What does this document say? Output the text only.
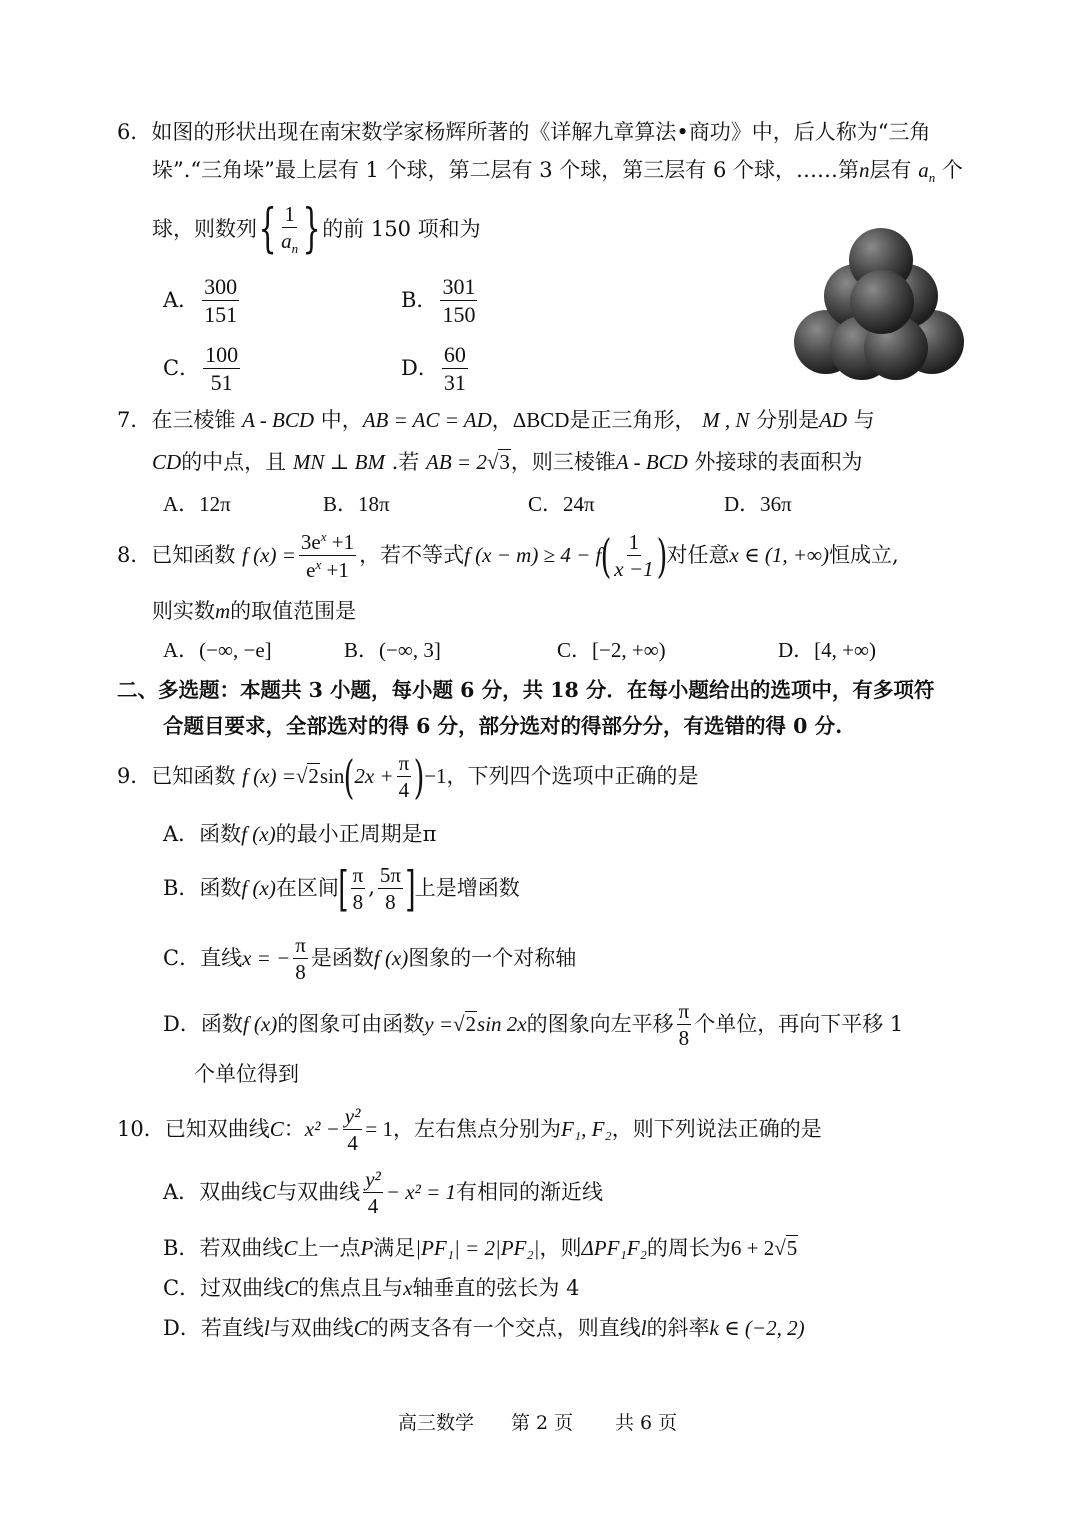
6．如图的形状出现在南宋数学家杨辉所著的《详解九章算法•商功》中，后人称为“三角
垛”.“三角垛”最上层有 1 个球，第二层有 3 个球，第三层有 6 个球，……第n层有 $a_n$ 个
球，则数列{ $\frac{1}{a_n}$ }的前 150 项和为
A． $\frac{300}{151}$	B． $\frac{301}{150}$
C． $\frac{100}{51}$	D． $\frac{60}{31}$
7．在三棱锥 A - BCD 中，AB = AC = AD，ΔBCD是正三角形， M , N 分别是AD 与
CD的中点，且 MN ⊥ BM .若 AB = 2√3，则三棱锥A - BCD 外接球的表面积为
A．12π	B．18π	C．24π	D．36π
8．已知函数 f $(x) = \frac{3e^x +1}{e^x +1}$ ，若不等式f $(x - m) \ge 4 - f( \frac{1}{x -1}$ )对任意x ∈ (1, +∞)恒成立,
则实数m的取值范围是
A．(−∞, −e]	B．(−∞, 3]	C．[−2, +∞)	D．[4, +∞)
二、多选题：本题共 3 小题，每小题 6 分，共 18 分．在每小题给出的选项中，有多项符
合题目要求，全部选对的得 6 分，部分选对的得部分分，有选错的得 0 分.
9．已知函数 f $(x) =√2\sin(2x + \frac{\pi}{4} )-1$，下列四个选项中正确的是
A．函数f (x)的最小正周期是π
B．函数f (x)在区间[ $\frac{\pi}{8}$ , $\frac{5\pi}{8}$ ]上是增函数
C．直线x = − $\frac{\pi}{8}$ 是函数f (x)图象的一个对称轴
D．函数f (x)的图象可由函数y =√2sin 2x的图象向左平移 $\frac{\pi}{8}$ 个单位，再向下平移 1
个单位得到
10．已知双曲线C：$x^2 - \frac{\text{y²}}{4} = 1$，左右焦点分别为F₁, F₂，则下列说法正确的是
A．双曲线C与双曲线 $\frac{\text{y²}}{4} - x^2 = 1$有相同的渐近线
B．若双曲线C上一点P满足|PF₁| = 2|PF₂|，则ΔPF₁F₂的周长为6 + 2√5
C．过双曲线C的焦点且与x轴垂直的弦长为 4
D．若直线l与双曲线C的两支各有一个交点，则直线l的斜率k ∈ (−2, 2)
高三数学 第 2 页 共 6 页
